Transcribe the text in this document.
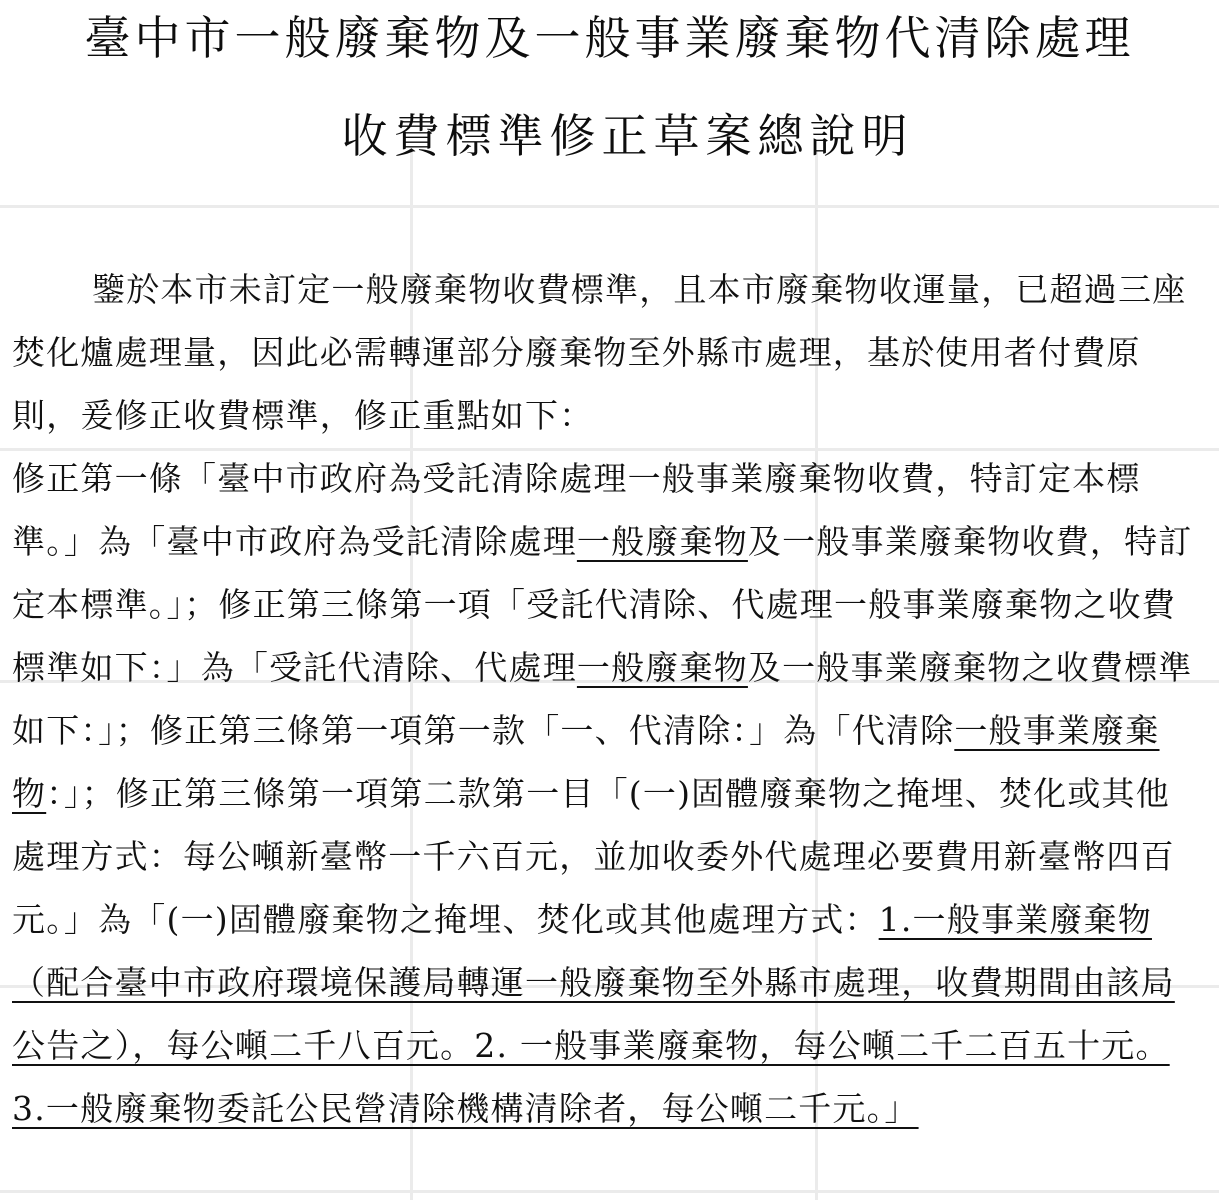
臺中市一般廢棄物及一般事業廢棄物代清除處理
收費標準修正草案總說明

鑒於本市未訂定一般廢棄物收費標準，且本市廢棄物收運量，已超過三座焚化爐處理量，因此必需轉運部分廢棄物至外縣市處理，基於使用者付費原則，爰修正收費標準，修正重點如下：

修正第一條「臺中市政府為受託清除處理一般事業廢棄物收費，特訂定本標準。」為「臺中市政府為受託清除處理一般廢棄物及一般事業廢棄物收費，特訂定本標準。」；修正第三條第一項「受託代清除、代處理一般事業廢棄物之收費標準如下：」為「受託代清除、代處理一般廢棄物及一般事業廢棄物之收費標準如下：」；修正第三條第一項第一款「一、代清除：」為「代清除一般事業廢棄物：」；修正第三條第一項第二款第一目「(一)固體廢棄物之掩埋、焚化或其他處理方式：每公噸新臺幣一千六百元，並加收委外代處理必要費用新臺幣四百元。」為「(一)固體廢棄物之掩埋、焚化或其他處理方式：1.一般事業廢棄物（配合臺中市政府環境保護局轉運一般廢棄物至外縣市處理，收費期間由該局公告之），每公噸二千八百元。2. 一般事業廢棄物，每公噸二千二百五十元。3.一般廢棄物委託公民營清除機構清除者，每公噸二千元。」
